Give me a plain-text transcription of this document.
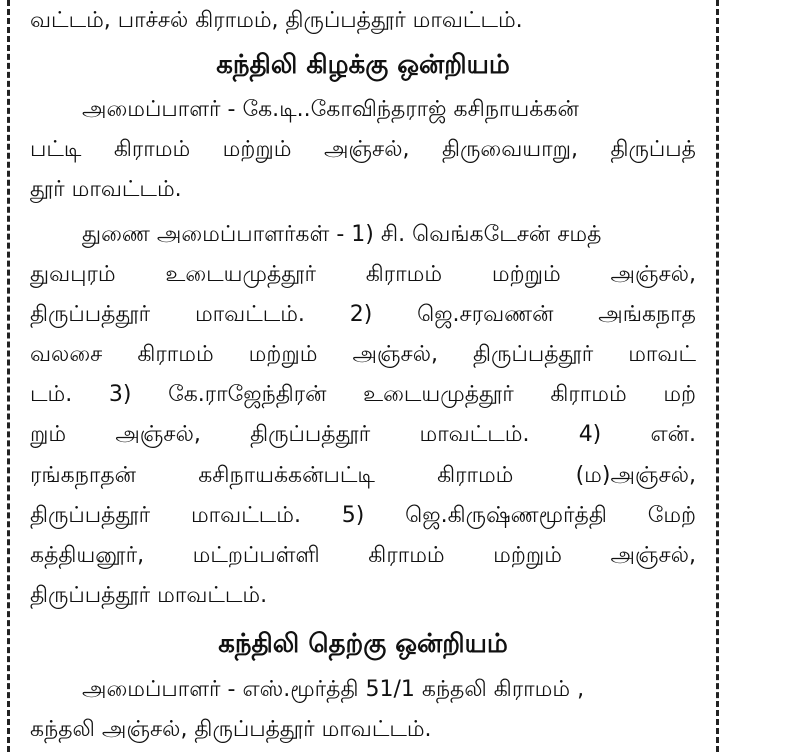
வட்டம், பாச்சல் கிராமம், திருப்பத்தூர் மாவட்டம்.
கந்திலி கிழக்கு ஒன்றியம்
அமைப்பாளர் - கே.டி..கோவிந்தராஜ் கசிநாயக்கன்
பட்டி கிராமம் மற்றும் அஞ்சல், திருவையாறு, திருப்பத்
தூர் மாவட்டம்.
துணை அமைப்பாளர்கள் - 1) சி. வெங்கடேசன் சமத்
துவபுரம் உடையமுத்தூர் கிராமம் மற்றும் அஞ்சல்,
திருப்பத்தூர் மாவட்டம். 2) ஜெ.சரவணன் அங்கநாத
வலசை கிராமம் மற்றும் அஞ்சல், திருப்பத்தூர் மாவட்
டம். 3) கே.ராஜேந்திரன் உடையமுத்தூர் கிராமம் மற்
றும் அஞ்சல், திருப்பத்தூர் மாவட்டம். 4) என்.
ரங்கநாதன் கசிநாயக்கன்பட்டி கிராமம் (ம)அஞ்சல்,
திருப்பத்தூர் மாவட்டம். 5) ஜெ.கிருஷ்ணமூர்த்தி மேற்
கத்தியனூர், மட்றப்பள்ளி கிராமம் மற்றும் அஞ்சல்,
திருப்பத்தூர் மாவட்டம்.
கந்திலி தெற்கு ஒன்றியம்
அமைப்பாளர் - எஸ்.மூர்த்தி 51/1 கந்தலி கிராமம் ,
கந்தலி அஞ்சல், திருப்பத்தூர் மாவட்டம்.
